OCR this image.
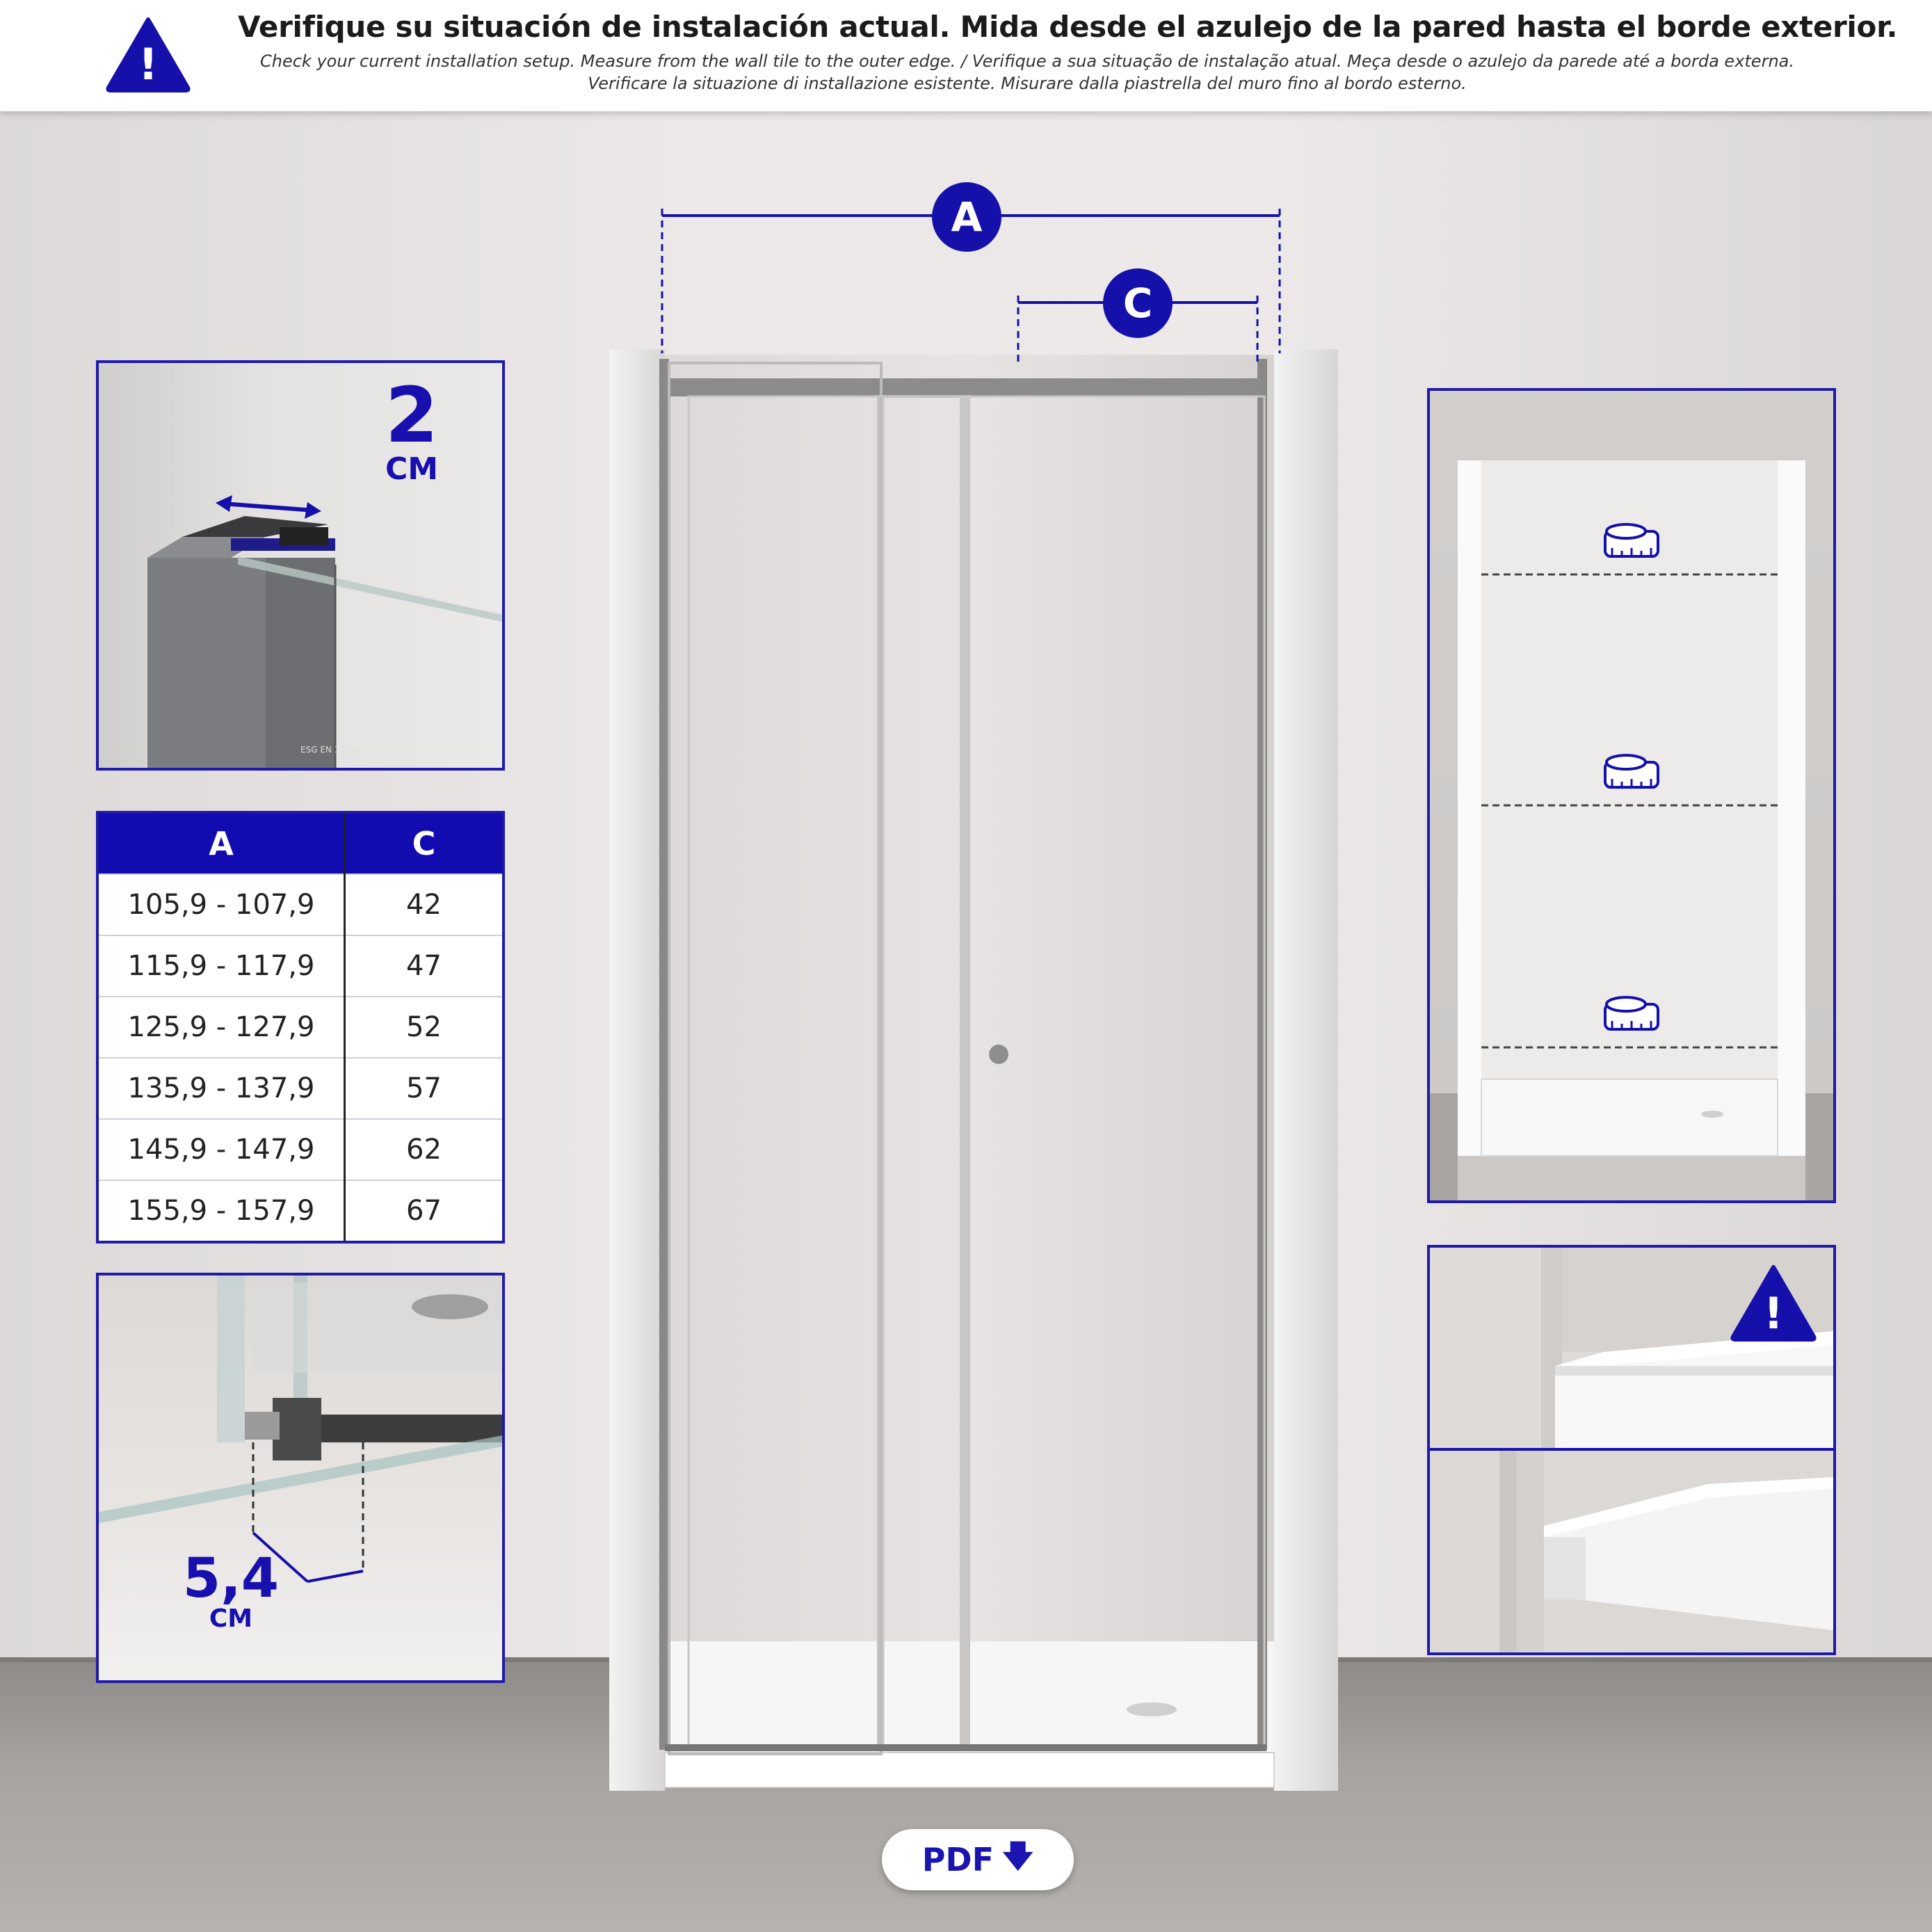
!
Verifique su situación de instalación actual. Mida desde el azulejo de la pared hasta el borde exterior.
Check your current installation setup. Measure from the wall tile to the outer edge. / Verifique a sua situação de instalação atual. Meça desde o azulejo da parede até a borda externa.
Verificare la situazione di installazione esistente. Misurare dalla piastrella del muro fino al bordo esterno.
A
C
ESG EN 12150
2
CM
A	C
105,9 - 107,9	42
115,9 - 117,9	47
125,9 - 127,9	52
135,9 - 137,9	57
145,9 - 147,9	62
155,9 - 157,9	67
5,4
CM
!
PDF 🡇
